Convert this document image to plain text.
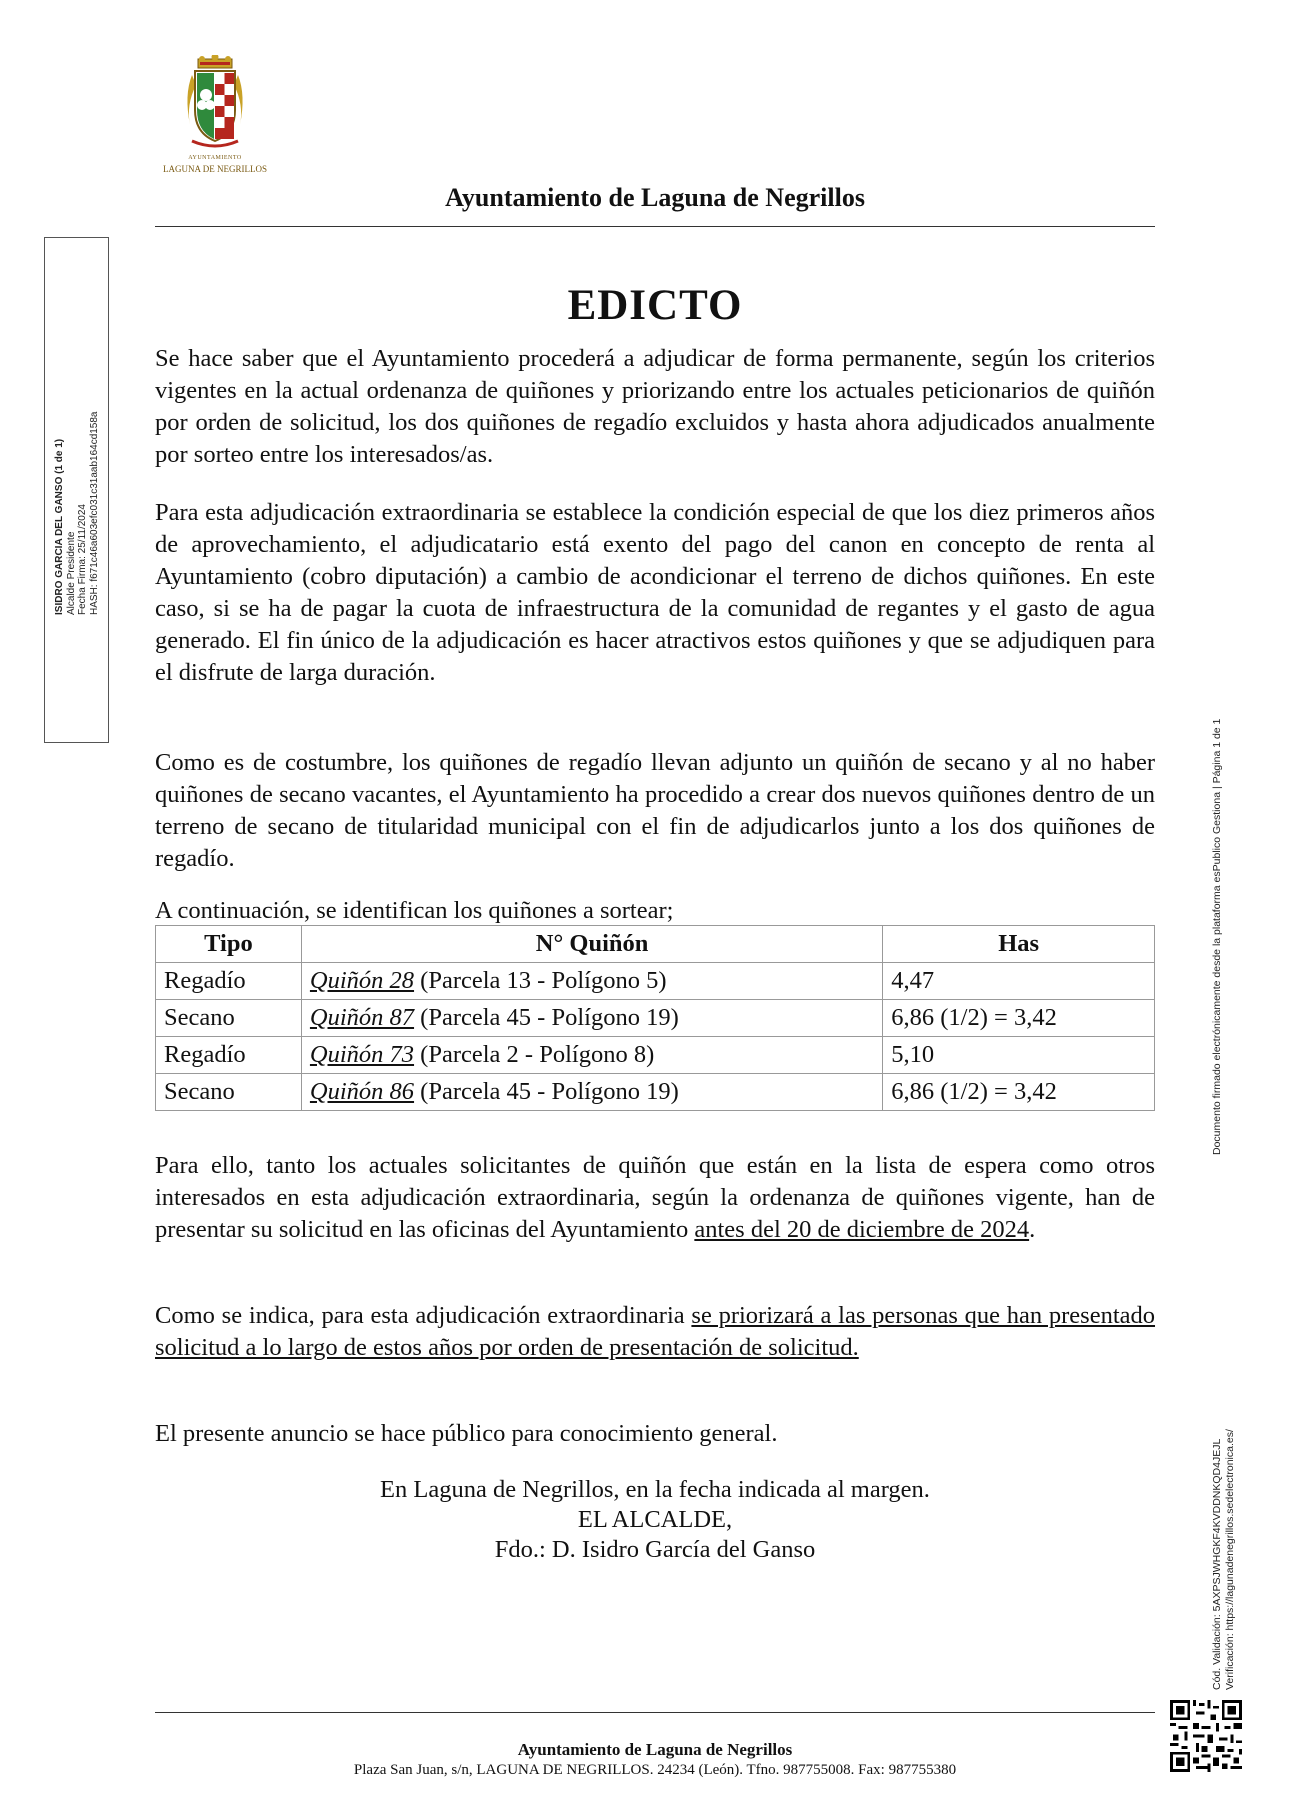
AYUNTAMIENTO
LAGUNA DE NEGRILLOS
Ayuntamiento de Laguna de Negrillos
ISIDRO GARCIA DEL GANSO (1 de 1) Alcalde Presidente Fecha Firma: 25/11/2024 HASH: f671c46a603efc031c31aab164cd158a
EDICTO

Se hace saber que el Ayuntamiento procederá a adjudicar de forma permanente, según los criterios vigentes en la actual ordenanza de quiñones y priorizando entre los actuales peticionarios de quiñón por orden de solicitud, los dos quiñones de regadío excluidos y hasta ahora adjudicados anualmente por sorteo entre los interesados/as.

Para esta adjudicación extraordinaria se establece la condición especial de que los diez primeros años de aprovechamiento, el adjudicatario está exento del pago del canon en concepto de renta al Ayuntamiento (cobro diputación) a cambio de acondicionar el terreno de dichos quiñones. En este caso, si se ha de pagar la cuota de infraestructura de la comunidad de regantes y el gasto de agua generado. El fin único de la adjudicación es hacer atractivos estos quiñones y que se adjudiquen para el disfrute de larga duración.

Como es de costumbre, los quiñones de regadío llevan adjunto un quiñón de secano y al no haber quiñones de secano vacantes, el Ayuntamiento ha procedido a crear dos nuevos quiñones dentro de un terreno de secano de titularidad municipal con el fin de adjudicarlos junto a los dos quiñones de regadío.

A continuación, se identifican los quiñones a sortear;

Tipo	N° Quiñón	Has
Regadío	Quiñón 28 (Parcela 13 - Polígono 5)	4,47
Secano	Quiñón 87 (Parcela 45 - Polígono 19)	6,86 (1/2) = 3,42
Regadío	Quiñón 73 (Parcela 2 - Polígono 8)	5,10
Secano	Quiñón 86 (Parcela 45 - Polígono 19)	6,86 (1/2) = 3,42

Para ello, tanto los actuales solicitantes de quiñón que están en la lista de espera como otros interesados en esta adjudicación extraordinaria, según la ordenanza de quiñones vigente, han de presentar su solicitud en las oficinas del Ayuntamiento antes del 20 de diciembre de 2024.

Como se indica, para esta adjudicación extraordinaria se priorizará a las personas que han presentado solicitud a lo largo de estos años por orden de presentación de solicitud.

El presente anuncio se hace público para conocimiento general.

En Laguna de Negrillos, en la fecha indicada al margen.
EL ALCALDE,
Fdo.: D. Isidro García del Ganso	Cód. Validación: 5AXPSJWHGKF4KVDDNKQD4JEJL Verificación: https://lagunadenegrillos.sedelectronica.es/
Documento firmado electrónicamente desde la plataforma esPublico Gestiona | Página 1 de 1
Ayuntamiento de Laguna de Negrillos
Plaza San Juan, s/n, LAGUNA DE NEGRILLOS. 24234 (León). Tfno. 987755008. Fax: 987755380
